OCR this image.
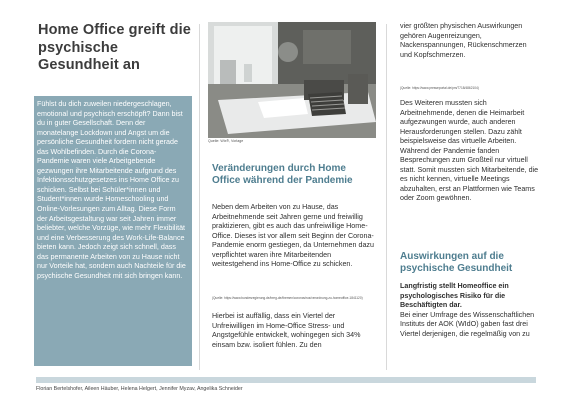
Home Office greift die psychische Gesundheit an

Fühlst du dich zuweilen niedergeschlagen, emotional und psychisch erschöpft? Dann bist du in guter Gesellschaft. Denn der monatelange Lockdown und Angst um die persönliche Gesundheit fordern nicht gerade das Wohlbefinden. Durch die Corona-Pandemie waren viele Arbeitgebende gezwungen ihre Mitarbeitende aufgrund des Infektionsschutzgesetzes ins Home Office zu schicken. Selbst bei Schüler*innen und Student*innen wurde Homeschooling und Online-Vorlesungen zum Alltag. Diese Form der Arbeitsgestaltung war seit Jahren immer beliebter, welche Vorzüge, wie mehr Flexibilität und eine Verbesserung des Work-Life-Balance bieten kann. Jedoch zeigt sich schnell, dass das permanente Arbeiten von zu Hause nicht nur Vorteile hat, sondern auch Nachteile für die psychische Gesundheit mit sich bringen kann.

Quelle: Wix®, Vorlage

Veränderungen durch Home Office während der Pandemie

Neben dem Arbeiten von zu Hause, das Arbeitnehmende seit Jahren gerne und freiwillig praktizieren, gibt es auch das unfreiwillige Home-Office. Dieses ist vor allem seit Beginn der Corona-Pandemie enorm gestiegen, da Unternehmen dazu verpflichtet waren ihre Mitarbeitenden weitestgehend ins Home-Office zu schicken.

(Quelle: https://www.bundesregierung.de/breg-de/themen/coronavirus/verordnung-zu-homeoffice-1841120)

Hierbei ist auffällig, dass ein Viertel der Unfreiwilligen im Home-Office Stress- und Angstgefühle entwickelt, wohingegen sich 34% einsam bzw. isoliert fühlen. Zu den

vier größten physischen Auswirkungen gehören Augenreizungen, Nackenspannungen, Rückenschmerzen und Kopfschmerzen.

(Quelle: https://www.presseportal.de/pm/7718/4862104)

Des Weiteren mussten sich Arbeitnehmende, denen die Heimarbeit aufgezwungen wurde, auch anderen Herausforderungen stellen. Dazu zählt beispielsweise das virtuelle Arbeiten. Während der Pandemie fanden Besprechungen zum Großteil nur virtuell statt. Somit mussten sich Mitarbeitende, die es nicht kennen, virtuelle Meetings abzuhalten, erst an Plattformen wie Teams oder Zoom gewöhnen.

Auswirkungen auf die psychische Gesundheit

Langfristig stellt Homeoffice ein psychologisches Risiko für die Beschäftigten dar.

Bei einer Umfrage des Wissenschaftlichen Instituts der AOK (WIdO) gaben fast drei Viertel derjenigen, die regelmäßig von zu

Florian Bertelshofer, Aileen Häuber, Helena Helgert, Jennifer Myzav, Angelika Schneider
